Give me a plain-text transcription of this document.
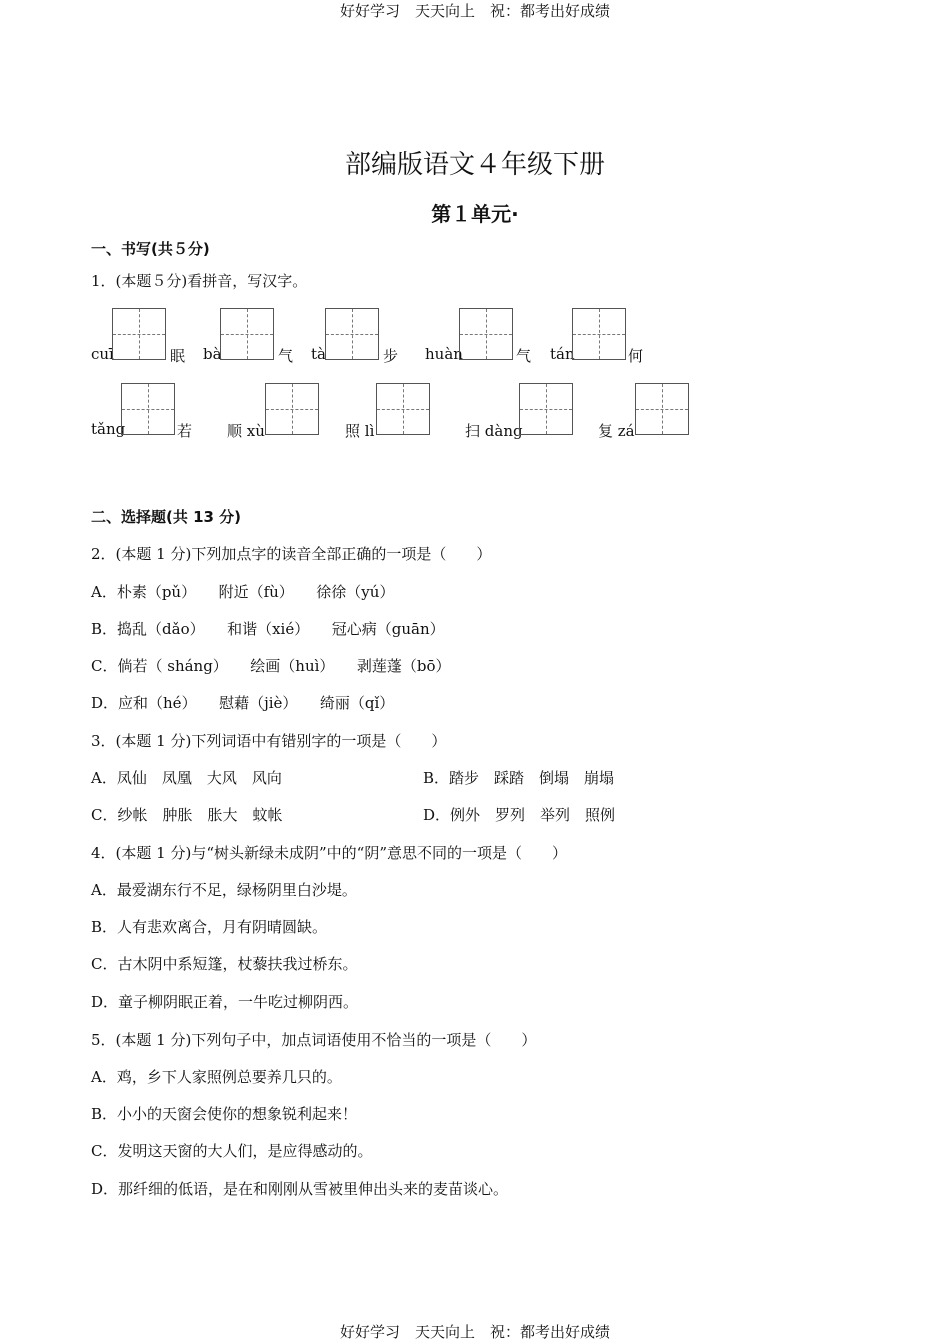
好好学习　天天向上　祝：都考出好成绩
部编版语文４年级下册
第１单元·
一、书写(共５分)
1．(本题５分)看拼音，写汉字。
cuī	眠 bà	气 tà	步 huàn	气 tán	何
tǎng	若 顺 xù	照 lì	扫 dàng	复 zá
二、选择题(共 13 分)
2．(本题 1 分)下列加点字的读音全部正确的一项是（　　）
A．朴素（pǔ）　　附近（fù）　　徐徐（yú）
B．捣乱（dǎo）　　和谐（xié）　　冠心病（guān）
C．倘若（ sháng）　　绘画（huì）　　剥莲蓬（bō）
D．应和（hé）　　慰藉（jiè）　　绮丽（qǐ）
3．(本题 1 分)下列词语中有错别字的一项是（　　）
A．凤仙　凤凰　大风　风向	B．踏步　踩踏　倒塌　崩塌
C．纱帐　肿胀　胀大　蚊帐	D．例外　罗列　举列　照例
4．(本题 1 分)与“树头新绿未成阴”中的“阴”意思不同的一项是（　　）
A．最爱湖东行不足，绿杨阴里白沙堤。
B．人有悲欢离合，月有阴晴圆缺。
C．古木阴中系短篷，杖藜扶我过桥东。
D．童子柳阴眠正着，一牛吃过柳阴西。
5．(本题 1 分)下列句子中，加点词语使用不恰当的一项是（　　）
A．鸡，乡下人家照例总要养几只的。
B．小小的天窗会使你的想象锐利起来！
C．发明这天窗的大人们，是应得感动的。
D．那纤细的低语，是在和刚刚从雪被里伸出头来的麦苗谈心。
好好学习　天天向上　祝：都考出好成绩
